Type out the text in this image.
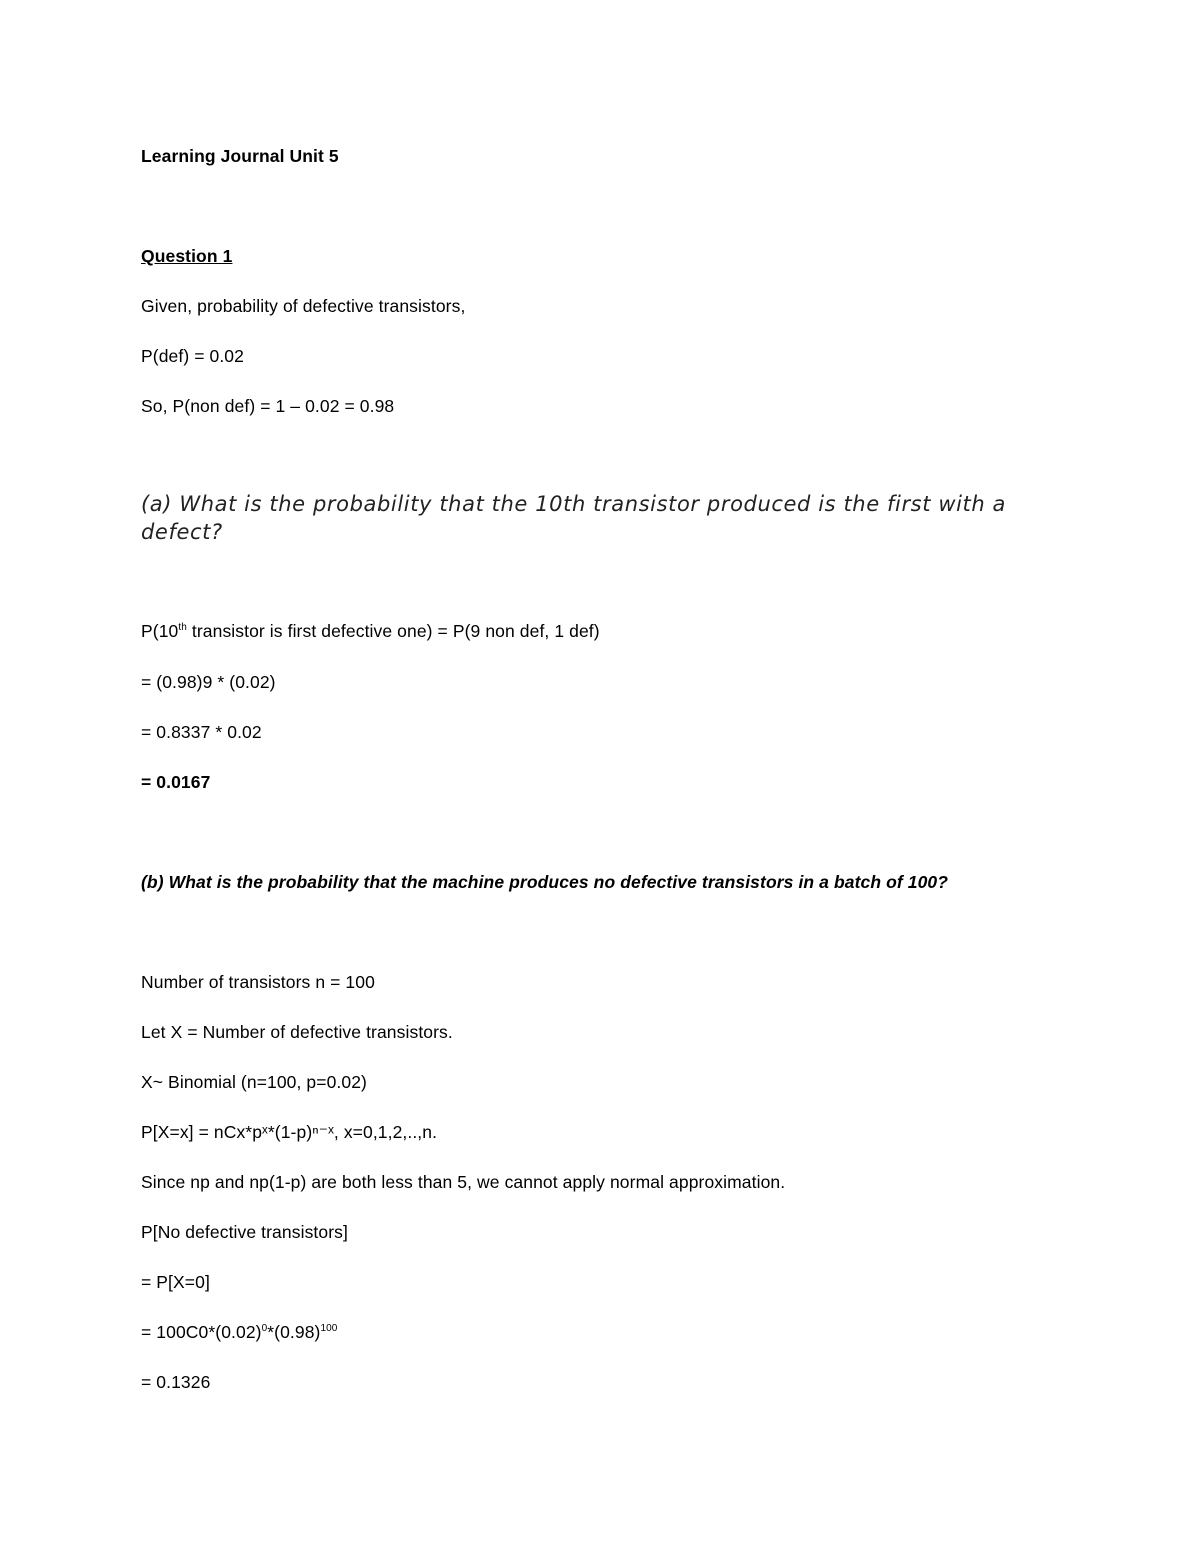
Learning Journal Unit 5
Question 1
Given, probability of defective transistors,
P(def) = 0.02
So, P(non def) = 1 – 0.02 = 0.98
(a) What is the probability that the 10th transistor produced is the first with a defect?
P(10th transistor is first defective one) = P(9 non def, 1 def)
= (0.98)9 * (0.02)
= 0.8337 * 0.02
= 0.0167
(b) What is the probability that the machine produces no defective transistors in a batch of 100?
Number of transistors n = 100
Let X = Number of defective transistors.
X~ Binomial (n=100, p=0.02)
P[X=x] = nCx*pˣ*(1-p)ⁿ⁻ˣ, x=0,1,2,..,n.
Since np and np(1-p) are both less than 5, we cannot apply normal approximation.
P[No defective transistors]
= P[X=0]
= $100C0*(0.02)^0*(0.98)^{100}$
= 0.1326
